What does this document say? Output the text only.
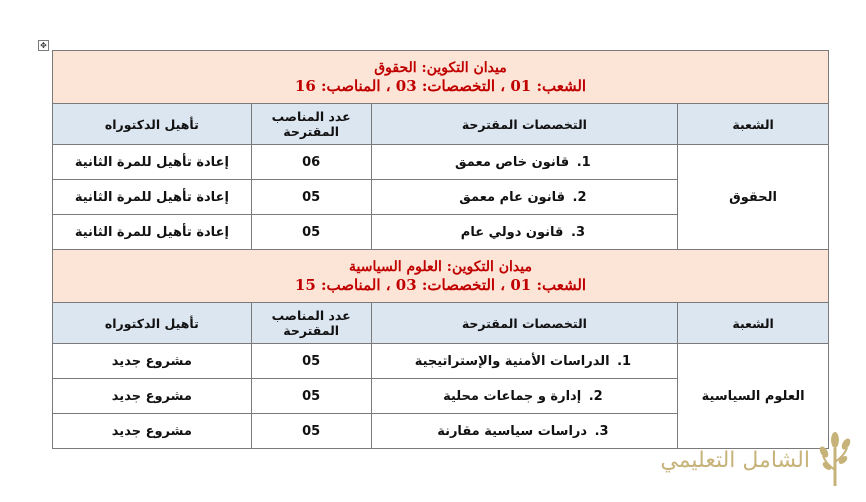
✥
ميدان التكوين: الحقوق
الشعب: 01 ، التخصصات: 03 ، المناصب: 16			

الشعبة	التخصصات المقترحة	عدد المناصب المقترحة	تأهيل الدكتوراه
الحقوق	1. قانون خاص معمق	06	إعادة تأهيل للمرة الثانية
	2. قانون عام معمق	05	إعادة تأهيل للمرة الثانية
	3. قانون دولي عام	05	إعادة تأهيل للمرة الثانية

ميدان التكوين: العلوم السياسية
الشعب: 01 ، التخصصات: 03 ، المناصب: 15			

الشعبة	التخصصات المقترحة	عدد المناصب المقترحة	تأهيل الدكتوراه
العلوم السياسية	1. الدراسات الأمنية والإستراتيجية	05	مشروع جديد
	2. إدارة و جماعات محلية	05	مشروع جديد
	3. دراسات سياسية مقارنة	05	مشروع جديد
الشامل التعليمي
